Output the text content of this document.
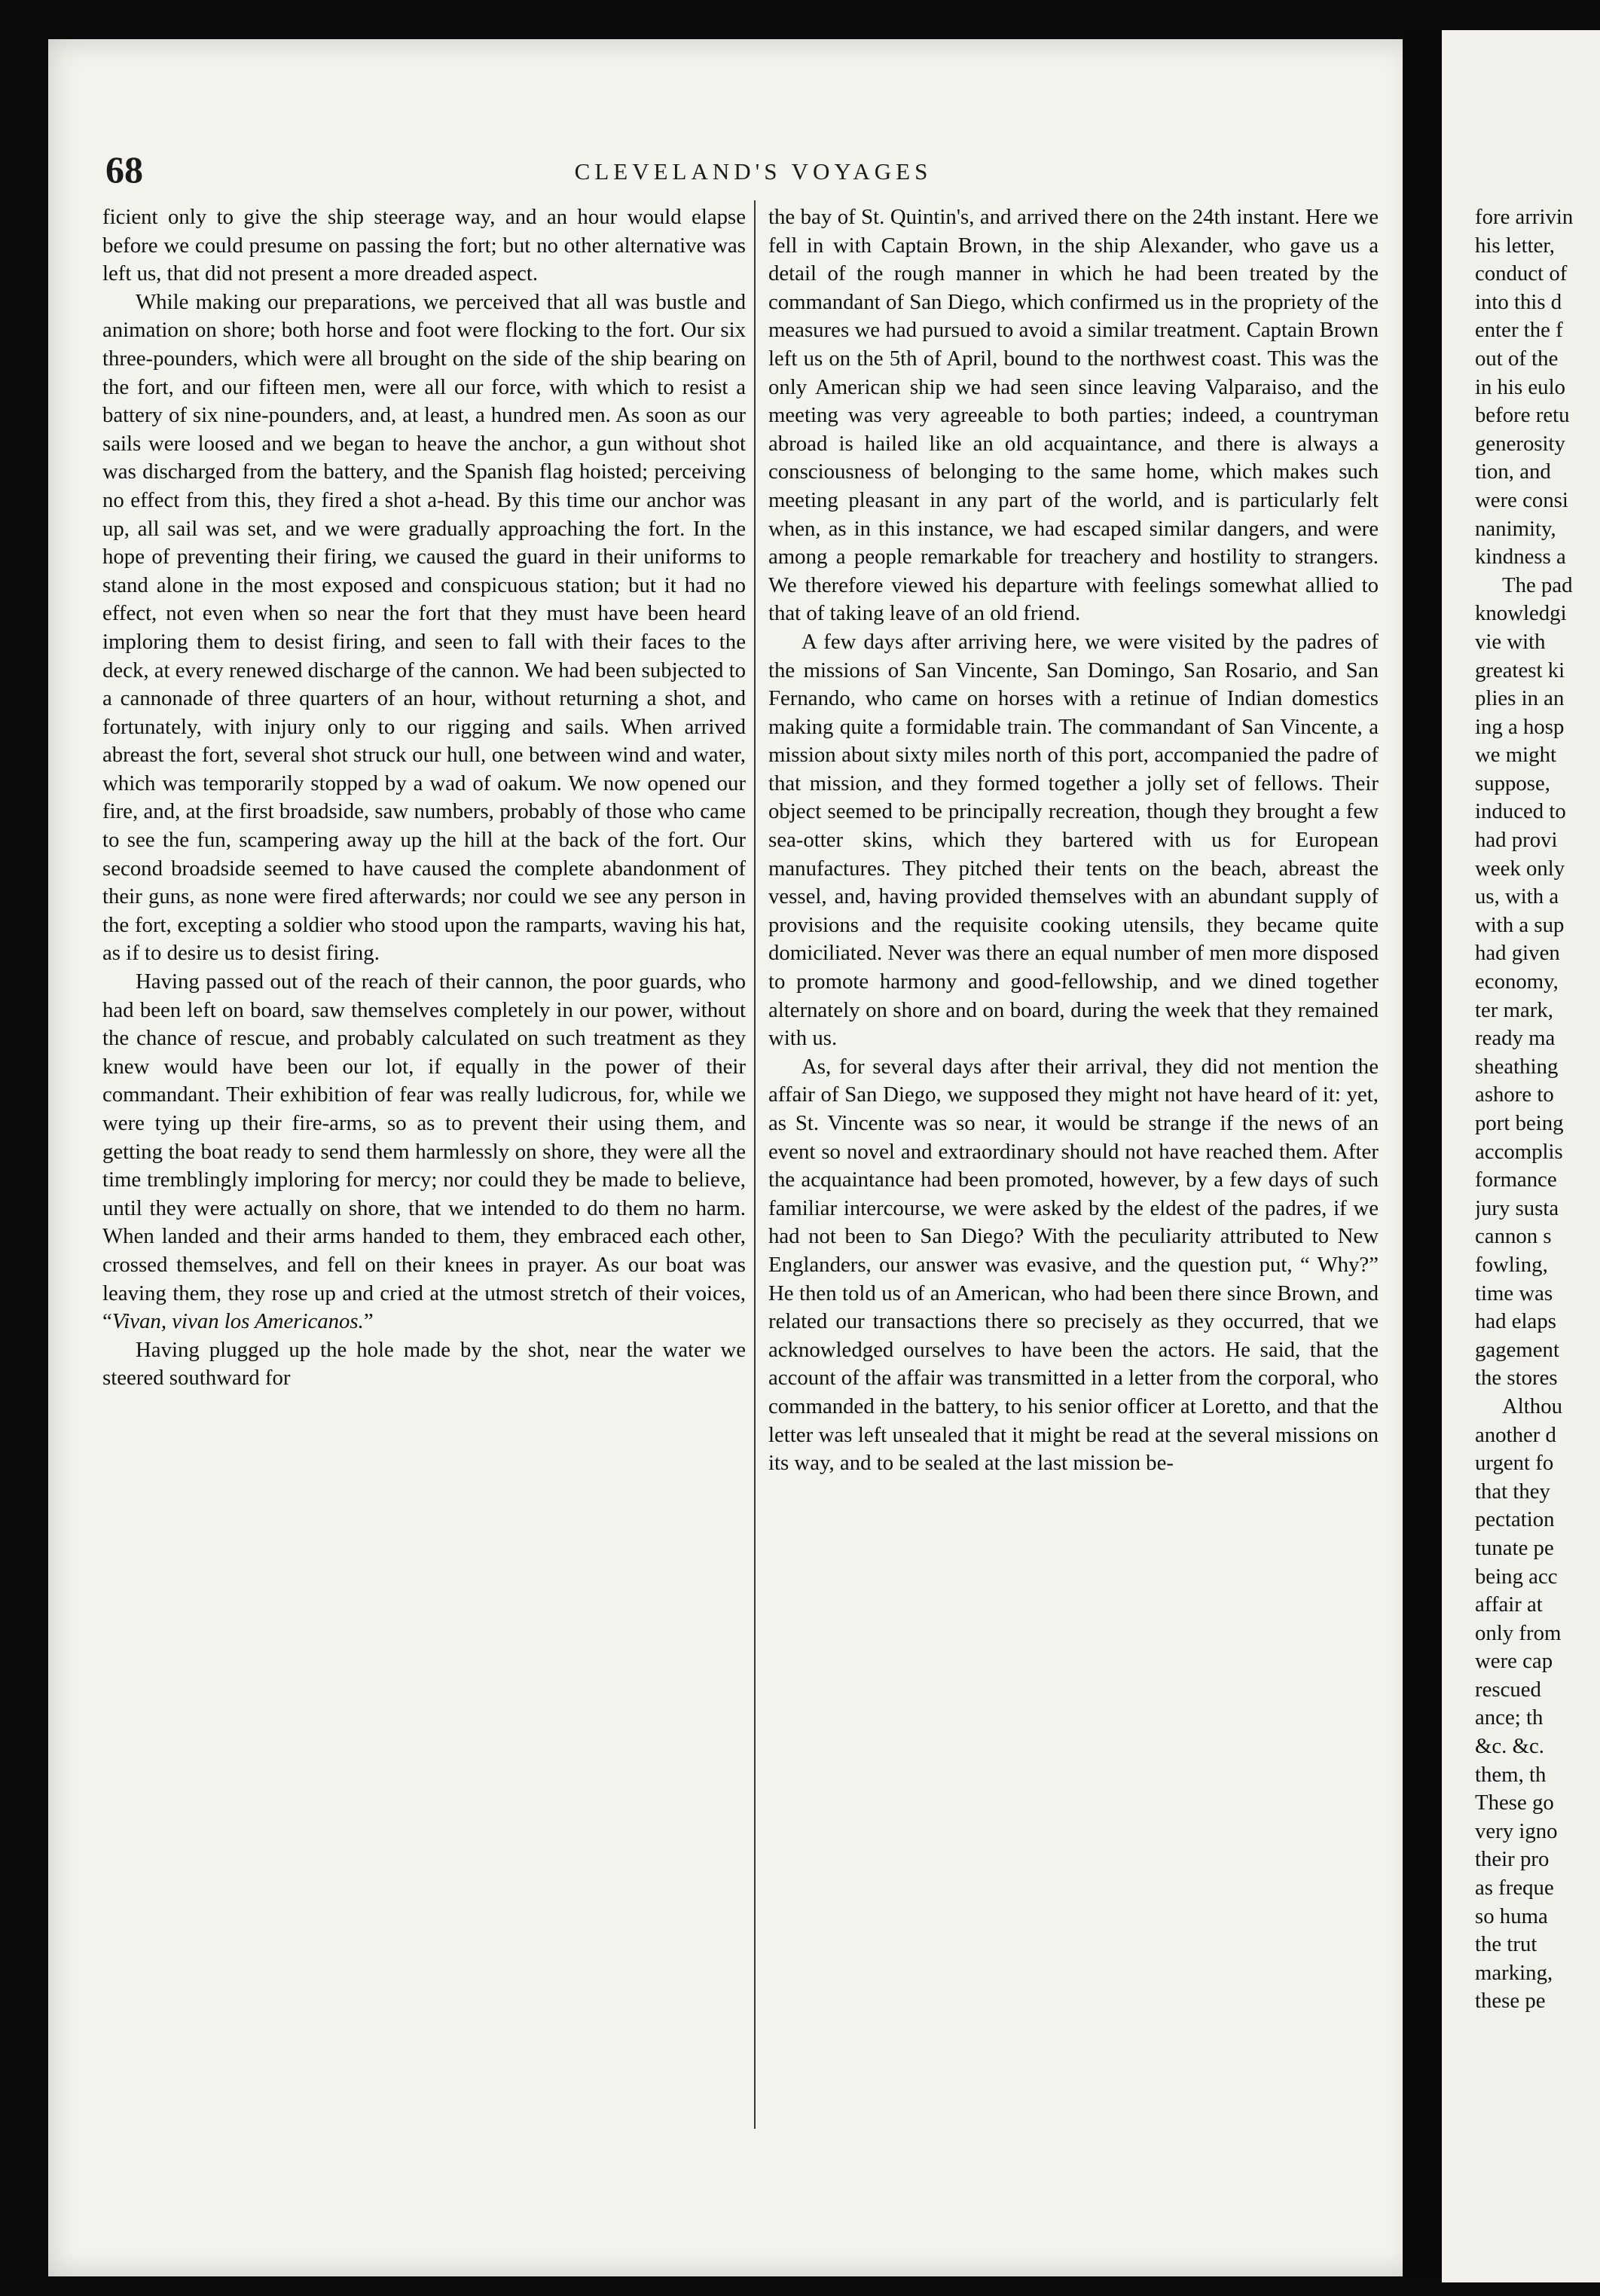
68	CLEVELAND'S VOYAGES

ficient only to give the ship steerage way, and an hour would elapse before we could presume on passing the fort; but no other alternative was left us, that did not present a more dreaded aspect.

While making our preparations, we perceived that all was bustle and animation on shore; both horse and foot were flocking to the fort. Our six three-pounders, which were all brought on the side of the ship bearing on the fort, and our fifteen men, were all our force, with which to resist a battery of six nine-pounders, and, at least, a hundred men. As soon as our sails were loosed and we began to heave the anchor, a gun without shot was discharged from the battery, and the Spanish flag hoisted; perceiving no effect from this, they fired a shot a-head. By this time our anchor was up, all sail was set, and we were gradually approaching the fort. In the hope of preventing their firing, we caused the guard in their uniforms to stand alone in the most exposed and conspicuous station; but it had no effect, not even when so near the fort that they must have been heard imploring them to desist firing, and seen to fall with their faces to the deck, at every renewed discharge of the cannon. We had been subjected to a cannonade of three quarters of an hour, without returning a shot, and fortunately, with injury only to our rigging and sails. When arrived abreast the fort, several shot struck our hull, one between wind and water, which was temporarily stopped by a wad of oakum. We now opened our fire, and, at the first broadside, saw numbers, probably of those who came to see the fun, scampering away up the hill at the back of the fort. Our second broadside seemed to have caused the complete abandonment of their guns, as none were fired afterwards; nor could we see any person in the fort, excepting a soldier who stood upon the ramparts, waving his hat, as if to desire us to desist firing.

Having passed out of the reach of their cannon, the poor guards, who had been left on board, saw themselves completely in our power, without the chance of rescue, and probably calculated on such treatment as they knew would have been our lot, if equally in the power of their commandant. Their exhibition of fear was really ludicrous, for, while we were tying up their fire-arms, so as to prevent their using them, and getting the boat ready to send them harmlessly on shore, they were all the time tremblingly imploring for mercy; nor could they be made to believe, until they were actually on shore, that we intended to do them no harm. When landed and their arms handed to them, they embraced each other, crossed themselves, and fell on their knees in prayer. As our boat was leaving them, they rose up and cried at the utmost stretch of their voices, “Vivan, vivan los Americanos.”

Having plugged up the hole made by the shot, near the water we steered southward for

the bay of St. Quintin's, and arrived there on the 24th instant. Here we fell in with Captain Brown, in the ship Alexander, who gave us a detail of the rough manner in which he had been treated by the commandant of San Diego, which confirmed us in the propriety of the measures we had pursued to avoid a similar treatment. Captain Brown left us on the 5th of April, bound to the northwest coast. This was the only American ship we had seen since leaving Valparaiso, and the meeting was very agreeable to both parties; indeed, a countryman abroad is hailed like an old acquaintance, and there is always a consciousness of belonging to the same home, which makes such meeting pleasant in any part of the world, and is particularly felt when, as in this instance, we had escaped similar dangers, and were among a people remarkable for treachery and hostility to strangers. We therefore viewed his departure with feelings somewhat allied to that of taking leave of an old friend.

A few days after arriving here, we were visited by the padres of the missions of San Vincente, San Domingo, San Rosario, and San Fernando, who came on horses with a retinue of Indian domestics making quite a formidable train. The commandant of San Vincente, a mission about sixty miles north of this port, accompanied the padre of that mission, and they formed together a jolly set of fellows. Their object seemed to be principally recreation, though they brought a few sea-otter skins, which they bartered with us for European manufactures. They pitched their tents on the beach, abreast the vessel, and, having provided themselves with an abundant supply of provisions and the requisite cooking utensils, they became quite domiciliated. Never was there an equal number of men more disposed to promote harmony and good-fellowship, and we dined together alternately on shore and on board, during the week that they remained with us.

As, for several days after their arrival, they did not mention the affair of San Diego, we supposed they might not have heard of it: yet, as St. Vincente was so near, it would be strange if the news of an event so novel and extraordinary should not have reached them. After the acquaintance had been promoted, however, by a few days of such familiar intercourse, we were asked by the eldest of the padres, if we had not been to San Diego? With the peculiarity attributed to New Englanders, our answer was evasive, and the question put, “ Why?” He then told us of an American, who had been there since Brown, and related our transactions there so precisely as they occurred, that we acknowledged ourselves to have been the actors. He said, that the account of the affair was transmitted in a letter from the corporal, who commanded in the battery, to his senior officer at Loretto, and that the letter was left unsealed that it might be read at the several missions on its way, and to be sealed at the last mission be-

fore arrivin
his letter,
conduct of
into this d
enter the f
out of the
in his eulo
before retu
generosity
tion, and
were consi
nanimity,
kindness a
The pad
knowledgi
vie with
greatest ki
plies in an
ing a hosp
we might
suppose,
induced to
had provi
week only
us, with a
with a sup
had given
economy,
ter mark,
ready ma
sheathing
ashore to
port being
accomplis
formance
jury susta
cannon s
fowling,
time was
had elaps
gagement
the stores
Althou
another d
urgent fo
that they
pectation
tunate pe
being acc
affair at
only from
were cap
rescued
ance; th
&c. &c.
them, th
These go
very igno
their pro
as freque
so huma
the trut
marking,
these pe
